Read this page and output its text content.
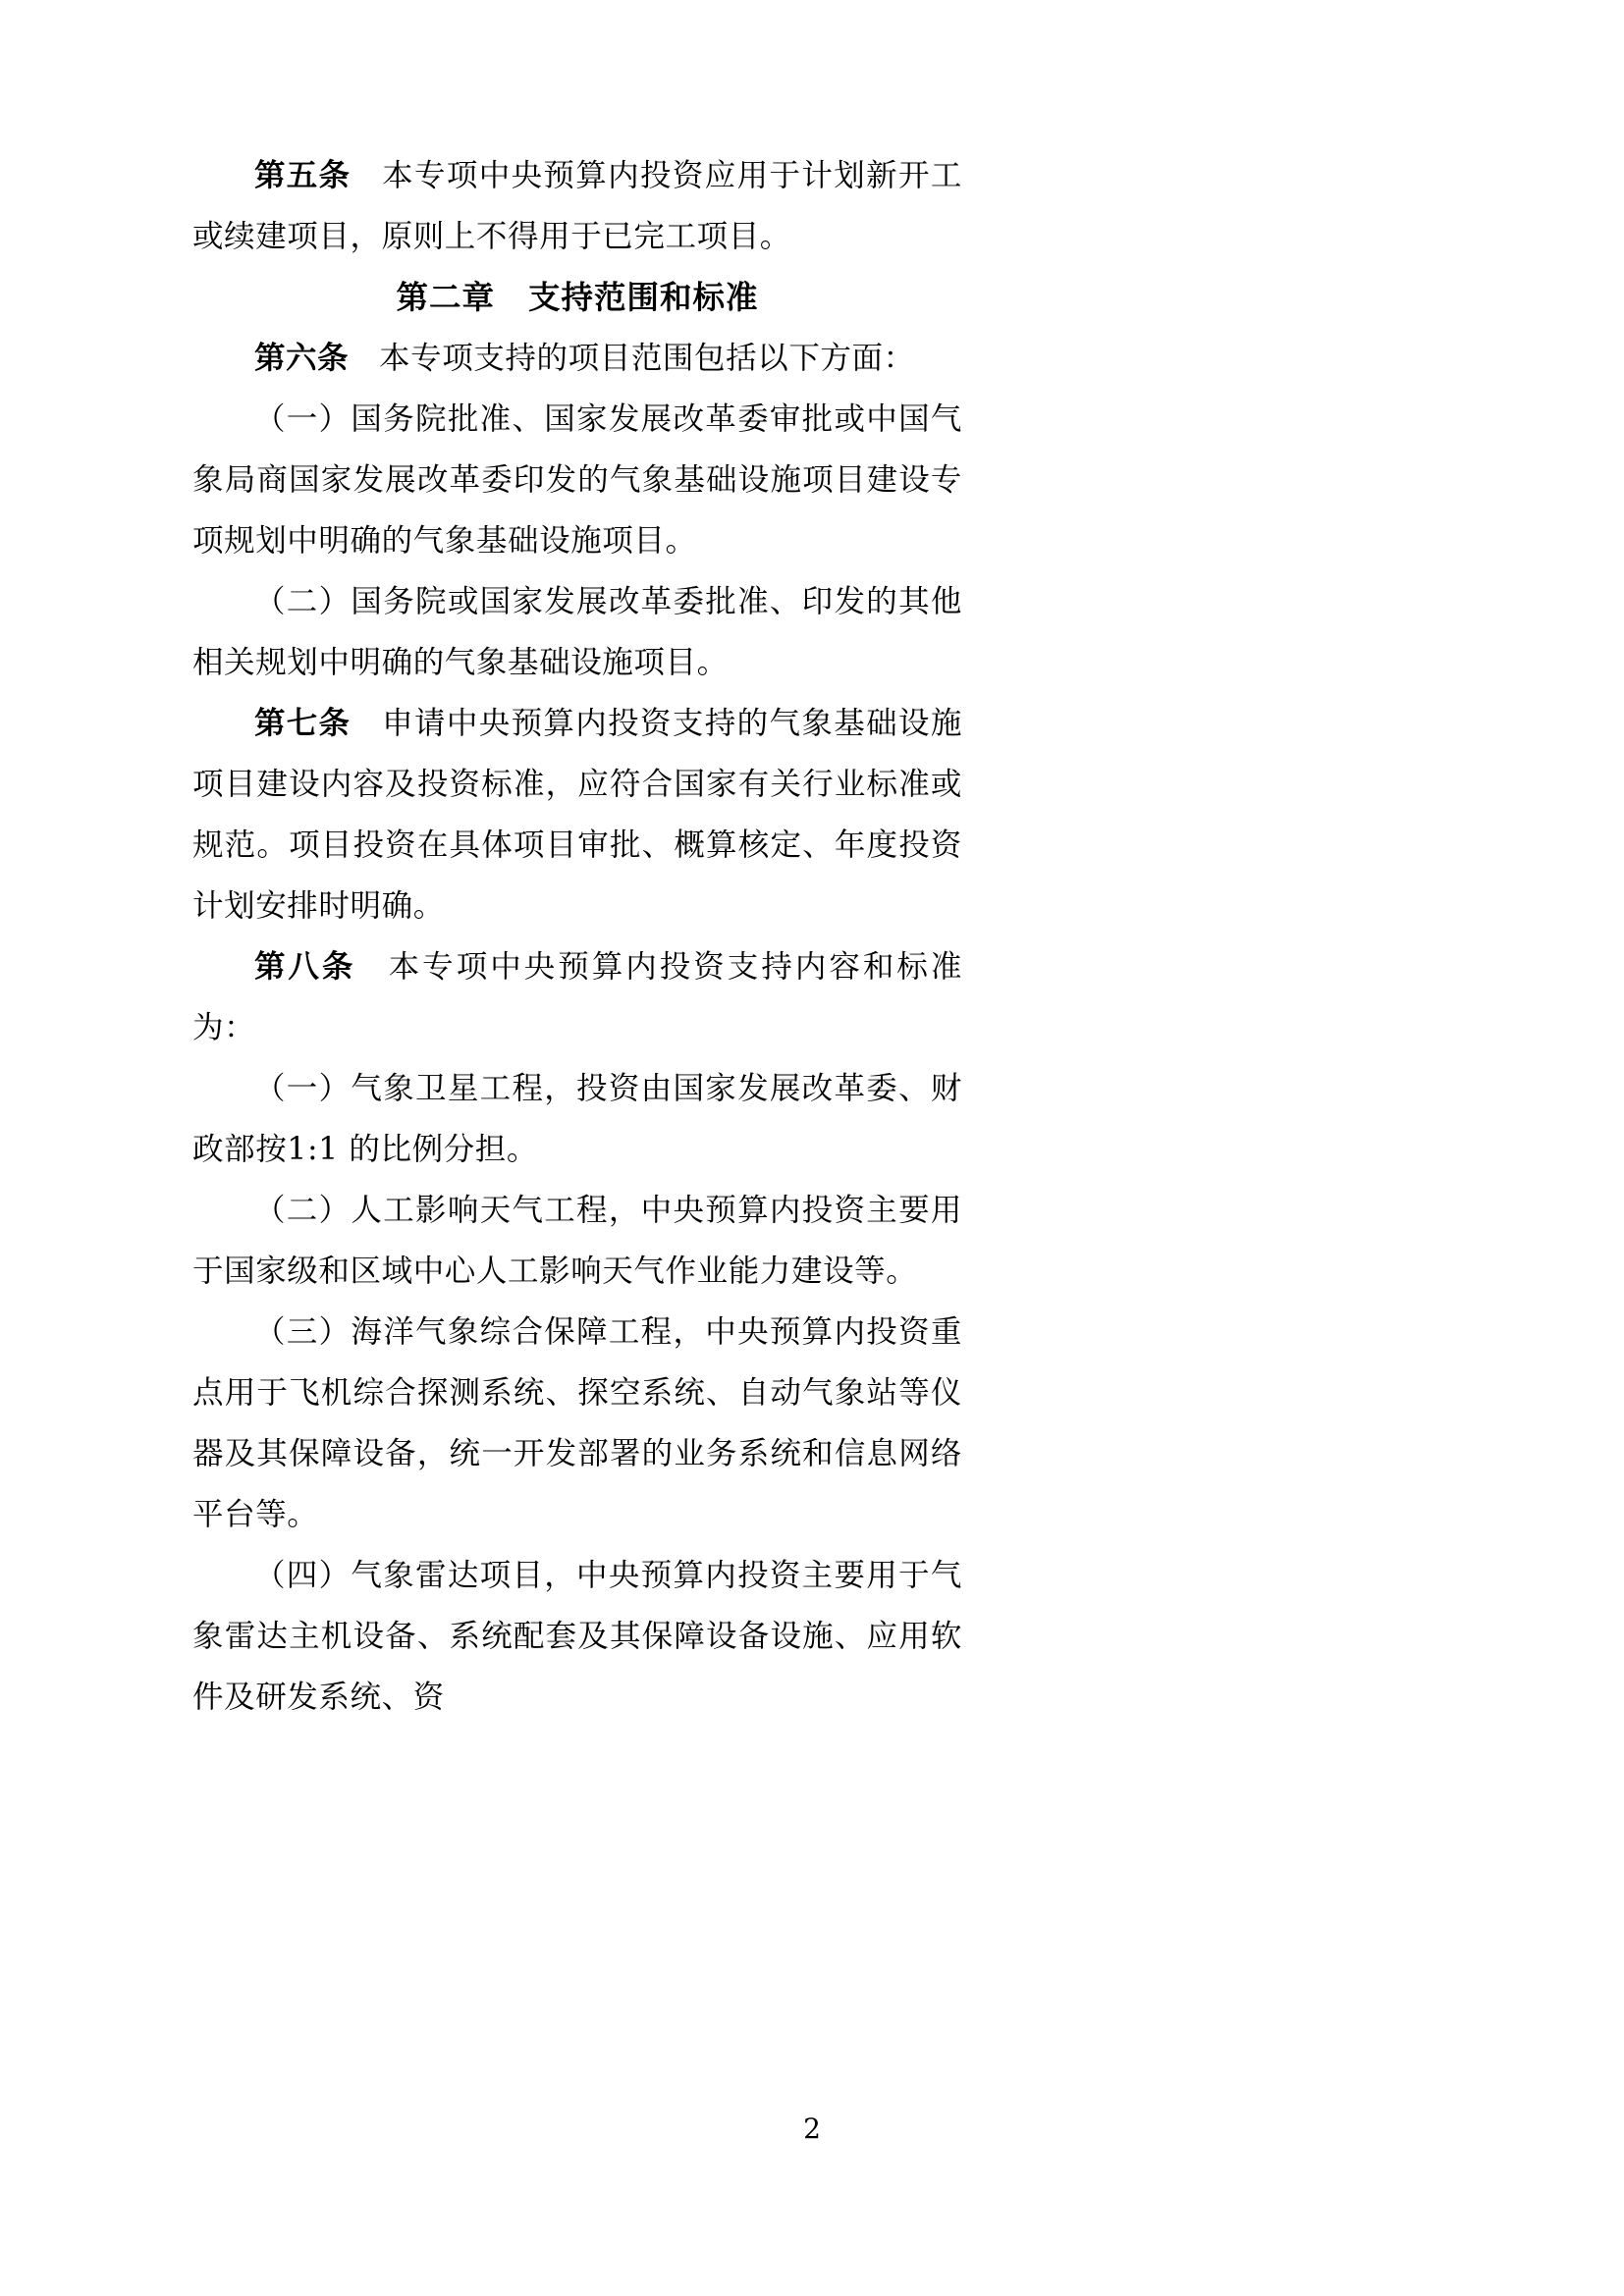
第五条 本专项中央预算内投资应用于计划新开工或续建项目，原则上不得用于已完工项目。

第二章 支持范围和标准

第六条 本专项支持的项目范围包括以下方面：

（一）国务院批准、国家发展改革委审批或中国气象局商国家发展改革委印发的气象基础设施项目建设专项规划中明确的气象基础设施项目。

（二）国务院或国家发展改革委批准、印发的其他相关规划中明确的气象基础设施项目。

第七条 申请中央预算内投资支持的气象基础设施项目建设内容及投资标准，应符合国家有关行业标准或规范。项目投资在具体项目审批、概算核定、年度投资计划安排时明确。

第八条 本专项中央预算内投资支持内容和标准为：

（一）气象卫星工程，投资由国家发展改革委、财政部按1:1 的比例分担。

（二）人工影响天气工程，中央预算内投资主要用于国家级和区域中心人工影响天气作业能力建设等。

（三）海洋气象综合保障工程，中央预算内投资重点用于飞机综合探测系统、探空系统、自动气象站等仪器及其保障设备，统一开发部署的业务系统和信息网络平台等。

（四）气象雷达项目，中央预算内投资主要用于气象雷达主机设备、系统配套及其保障设备设施、应用软件及研发系统、资

2
